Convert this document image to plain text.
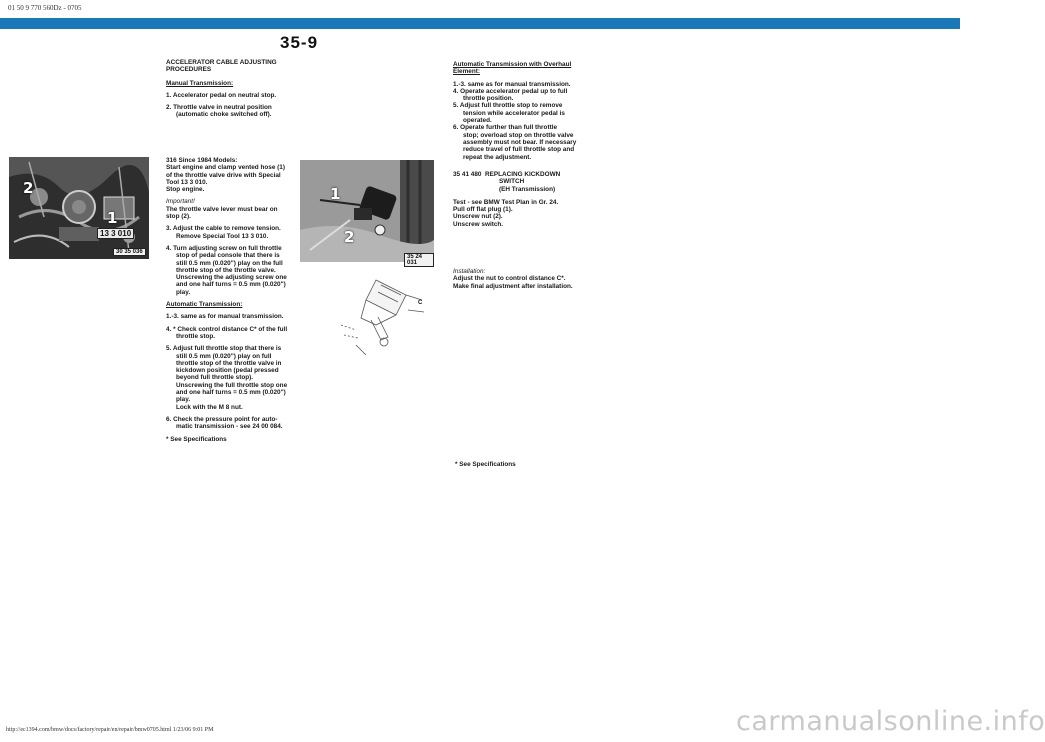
01 50 9 770 560Dz - 0705
35-9

ACCELERATOR CABLE ADJUSTING

PROCEDURES

Manual Transmission:

1. Accelerator pedal on neutral stop.

2. Throttle valve in neutral position

(automatic choke switched off).

316 Since 1984 Models:

Start engine and clamp vented hose (1)

of the throttle valve drive with Special

Tool 13 3 010.

Stop engine.

Important!

The throttle valve lever must bear on

stop (2).

3. Adjust the cable to remove tension.

Remove Special Tool 13 3 010.

4. Turn adjusting screw on full throttle

stop of pedal console that there is

still 0.5 mm (0.020") play on the full

throttle stop of the throttle valve.

Unscrewing the adjusting screw one

and one half turns = 0.5 mm (0.020")

play.

Automatic Transmission:

1.-3. same as for manual transmission.

4. * Check control distance C* of the full

throttle stop.

5. Adjust full throttle stop that there is

still 0.5 mm (0.020") play on full

throttle stop of the throttle valve in

kickdown position (pedal pressed

beyond full throttle stop).

Unscrewing the full throttle stop one

and one half turns = 0.5 mm (0.020")

play.

Lock with the M 8 nut.

6. Check the pressure point for auto-

matic transmission - see 24 00 084.

* See Specifications

Automatic Transmission with Overhaul

Element:

1.-3. same as for manual transmission.

4. Operate accelerator pedal up to full

throttle position.

5. Adjust full throttle stop to remove

tension while accelerator pedal is

operated.

6. Operate further than full throttle

stop; overload stop on throttle valve

assembly must not bear. If necessary

reduce travel of full throttle stop and

repeat the adjustment.

35 41 480 REPLACING KICKDOWN

SWITCH

(EH Transmission)

Test - see BMW Test Plan in Gr. 24.

Pull off flat plug (1).

Unscrew nut (2).

Unscrew switch.

Installation:

Adjust the nut to control distance C*.

Make final adjustment after installation.

* See Specifications
2
1
13 3 010
30 35 036
1
2
35 24 031
C
http://ec1394.com/bmw/docs/factory/repair/en/repair/bmw0705.html 1/23/06 9:01 PM	carmanualsonline.info
